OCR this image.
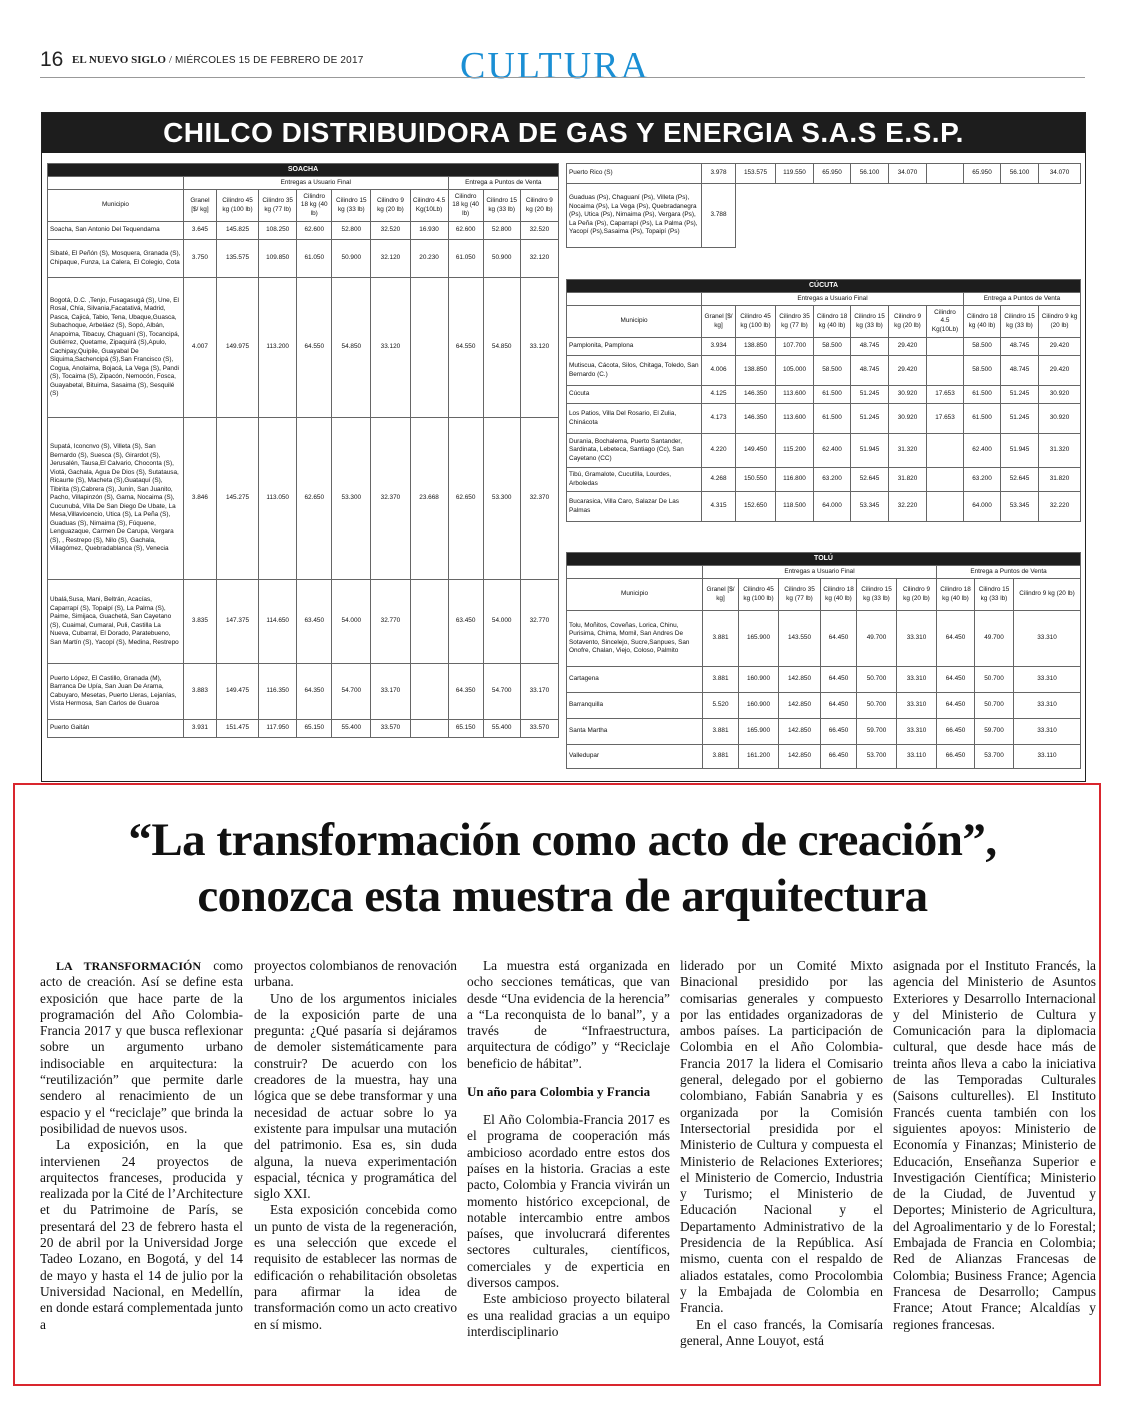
16 EL NUEVO SIGLO / MIÉRCOLES 15 DE FEBRERO DE 2017	CULTURA
CHILCO DISTRIBUIDORA DE GAS Y ENERGIA S.A.S E.S.P.
SOACHA										
	Entregas a Usuario Final							Entrega a Puntos de Venta		
Municipio	Granel [$/ kg]	Cilindro 45 kg (100 lb)	Cilindro 35 kg (77 lb)	Cilindro 18 kg (40 lb)	Cilindro 15 kg (33 lb)	Cilindro 9 kg (20 lb)	Cilindro 4.5 Kg(10Lb)	Cilindro 18 kg (40 lb)	Cilindro 15 kg (33 lb)	Cilindro 9 kg (20 lb)
Soacha, San Antonio Del Tequendama	3.645	145.825	108.250	62.600	52.800	32.520	16.930	62.600	52.800	32.520
Sibaté, El Peñón (S), Mosquera, Granada (S), Chipaque, Funza, La Calera, El Colegio, Cota	3.750	135.575	109.850	61.050	50.900	32.120	20.230	61.050	50.900	32.120
Bogotá, D.C. ,Tenjo, Fusagasugá (S), Une, El Rosal, Chía, Silvania,Facatativá, Madrid, Pasca, Cajicá, Tabio, Tena, Ubaque,Guasca, Subachoque, Arbeláez (S), Sopó, Albán, Anapoima, Tibacuy, Chaguaní (S), Tocancipá, Gutiérrez, Quetame, Zipaquirá (S),Apulo, Cachipay,Quipile, Guayabal De Siquima,Sachencipá (S),San Francisco (S), Cogua, Anolaima, Bojacá, La Vega (S), Pandi (S), Tocaima (S), Zipacón, Nemocón, Fosca, Guayabetal, Bituima, Sasaima (S), Sesquilé (S)	4.007	149.975	113.200	64.550	54.850	33.120		64.550	54.850	33.120
Supatá, Iconcnvo (S), Villeta (S), San Bernardo (S), Suesca (S), Girardot (S), Jerusalén, Tausa,El Calvario, Choconta (S), Viotá, Gachala, Agua De Dios (S), Sutatausa, Ricaurte (S), Macheta (S),Guataquí (S), Tibirita (S),Cabrera (S), Junín, San Juanito, Pacho, Villapinzón (S), Gama, Nocaima (S), Cucunubá, Villa De San Diego De Ubate, La Mesa,Villavicencio, Utica (S), La Peña (S), Guaduas (S), Nimaima (S), Fúquene, Lenguazaque, Carmen De Carupa, Vergara (S), , Restrepo (S), Nilo (S), Gachala, Villagómez, Quebradablanca (S), Venecia	3.846	145.275	113.050	62.650	53.300	32.370	23.668	62.650	53.300	32.370
Ubalá,Susa, Mani, Beltrán, Acacías, Caparrapí (S), Topaipí (S), La Palma (S), Paime, Simijaca, Guachetá, San Cayetano (S), Cuaimal, Cumaral, Puli, Castilla La Nueva, Cubarral, El Dorado, Paratebueno, San Martín (S), Yacopí (S), Medina, Restrepo	3.835	147.375	114.650	63.450	54.000	32.770		63.450	54.000	32.770
Puerto López, El Castillo, Granada (M), Barranca De Upía, San Juan De Arama, Cabuyaro, Mesetas, Puerto Lleras, Lejanías, Vista Hermosa, San Carlos de Guaroa	3.883	149.475	116.350	64.350	54.700	33.170		64.350	54.700	33.170
Puerto Gaitán	3.931	151.475	117.950	65.150	55.400	33.570		65.150	55.400	33.570
Puerto Rico (S)	3.978	153.575	119.550	65.950	56.100	34.070		65.950	56.100	34.070
Guaduas (Ps), Chaguaní (Ps), Villeta (Ps), Nocaima (Ps), La Vega (Ps), Quebradanegra (Ps), Utica (Ps), Nimaima (Ps), Vergara (Ps), La Peña (Ps), Caparrapí (Ps), La Palma (Ps), Yacopí (Ps),Sasaima (Ps), Topaipí (Ps)	3.788									
CÚCUTA										
	Entregas a Usuario Final							Entrega a Puntos de Venta		
Municipio	Granel [$/ kg]	Cilindro 45 kg (100 lb)	Cilindro 35 kg (77 lb)	Cilindro 18 kg (40 lb)	Cilindro 15 kg (33 lb)	Cilindro 9 kg (20 lb)	Cilindro 4.5 Kg(10Lb)	Cilindro 18 kg (40 lb)	Cilindro 15 kg (33 lb)	Cilindro 9 kg (20 lb)
Pamplonita, Pamplona	3.934	138.850	107.700	58.500	48.745	29.420		58.500	48.745	29.420
Mutiscua, Cácota, Silos, Chitaga, Toledo, San Bernardo (C.)	4.006	138.850	105.000	58.500	48.745	29.420		58.500	48.745	29.420
Cúcuta	4.125	146.350	113.600	61.500	51.245	30.920	17.653	61.500	51.245	30.920
Los Patios, Villa Del Rosario, El Zulia, Chinácota	4.173	146.350	113.600	61.500	51.245	30.920	17.653	61.500	51.245	30.920
Durania, Bochalema, Puerto Santander, Sardinata, Lebeteca, Santiago (Cc), San Cayetano (CC)	4.220	149.450	115.200	62.400	51.945	31.320		62.400	51.945	31.320
Tibú, Gramalote, Cucutilla, Lourdes, Arboledas	4.268	150.550	116.800	63.200	52.645	31.820		63.200	52.645	31.820
Bucarasica, Villa Caro, Salazar De Las Palmas	4.315	152.650	118.500	64.000	53.345	32.220		64.000	53.345	32.220
TOLÚ									
	Entregas a Usuario Final						Entrega a Puntos de Venta		
Municipio	Granel [$/ kg]	Cilindro 45 kg (100 lb)	Cilindro 35 kg (77 lb)	Cilindro 18 kg (40 lb)	Cilindro 15 kg (33 lb)	Cilindro 9 kg (20 lb)	Cilindro 18 kg (40 lb)	Cilindro 15 kg (33 lb)	Cilindro 9 kg (20 lb)
Tolu, Moñitos, Coveñas, Lorica, Chinu, Purisima, Chima, Momil, San Andres De Sotavento, Sincelejo, Sucre,Sanpues, San Onofre, Chalan, Viejo, Coloso, Palmito	3.881	165.900	143.550	64.450	49.700	33.310	64.450	49.700	33.310
Cartagena	3.881	160.900	142.850	64.450	50.700	33.310	64.450	50.700	33.310
Barranquilla	5.520	160.900	142.850	64.450	50.700	33.310	64.450	50.700	33.310
Santa Martha	3.881	165.900	142.850	66.450	59.700	33.310	66.450	59.700	33.310
Valledupar	3.881	161.200	142.850	66.450	53.700	33.110	66.450	53.700	33.110
“La transformación como acto de creación”,
conozca esta muestra de arquitectura

LA TRANSFORMACIÓN como acto de creación. Así se define esta exposición que hace parte de la programación del Año Colombia-Francia 2017 y que busca reflexionar sobre un argumento urbano indisociable en arquitectura: la “reutilización” que permite darle sendero al renacimiento de un espacio y el “reciclaje” que brinda la posibilidad de nuevos usos.

La exposición, en la que intervienen 24 proyectos de arquitectos franceses, producida y realizada por la Cité de l’Architecture et du Patrimoine de París, se presentará del 23 de febrero hasta el 20 de abril por la Universidad Jorge Tadeo Lozano, en Bogotá, y del 14 de mayo y hasta el 14 de julio por la Universidad Nacional, en Medellín, en donde estará complementada junto a

proyectos colombianos de renovación urbana.

Uno de los argumentos iniciales de la exposición parte de una pregunta: ¿Qué pasaría si dejáramos de demoler sistemáticamente para construir? De acuerdo con los creadores de la muestra, hay una lógica que se debe transformar y una necesidad de actuar sobre lo ya existente para impulsar una mutación del patrimonio. Esa es, sin duda alguna, la nueva experimentación espacial, técnica y programática del siglo XXI.

Esta exposición concebida como un punto de vista de la regeneración, es una selección que excede el requisito de establecer las normas de edificación o rehabilitación obsoletas para afirmar la idea de transformación como un acto creativo en sí mismo.

La muestra está organizada en ocho secciones temáticas, que van desde “Una evidencia de la herencia” a “La reconquista de lo banal”, y a través de “Infraestructura, arquitectura de código” y “Reciclaje beneficio de hábitat”.

Un año para Colombia y Francia

El Año Colombia-Francia 2017 es el programa de cooperación más ambicioso acordado entre estos dos países en la historia. Gracias a este pacto, Colombia y Francia vivirán un momento histórico excepcional, de notable intercambio entre ambos países, que involucrará diferentes sectores culturales, científicos, comerciales y de experticia en diversos campos.

Este ambicioso proyecto bilateral es una realidad gracias a un equipo interdisciplinario

liderado por un Comité Mixto Binacional presidido por las comisarias generales y compuesto por las entidades organizadoras de ambos países. La participación de Colombia en el Año Colombia-Francia 2017 la lidera el Comisario general, delegado por el gobierno colombiano, Fabián Sanabria y es organizada por la Comisión Intersectorial presidida por el Ministerio de Cultura y compuesta el Ministerio de Relaciones Exteriores; el Ministerio de Comercio, Industria y Turismo; el Ministerio de Educación Nacional y el Departamento Administrativo de la Presidencia de la República. Así mismo, cuenta con el respaldo de aliados estatales, como Procolombia y la Embajada de Colombia en Francia.

En el caso francés, la Comisaría general, Anne Louyot, está

asignada por el Instituto Francés, la agencia del Ministerio de Asuntos Exteriores y Desarrollo Internacional y del Ministerio de Cultura y Comunicación para la diplomacia cultural, que desde hace más de treinta años lleva a cabo la iniciativa de las Temporadas Culturales (Saisons culturelles). El Instituto Francés cuenta también con los siguientes apoyos: Ministerio de Economía y Finanzas; Ministerio de Educación, Enseñanza Superior e Investigación Científica; Ministerio de la Ciudad, de Juventud y Deportes; Ministerio de Agricultura, del Agroalimentario y de lo Forestal; Embajada de Francia en Colombia; Red de Alianzas Francesas de Colombia; Business France; Agencia Francesa de Desarrollo; Campus France; Atout France; Alcaldías y regiones francesas.
